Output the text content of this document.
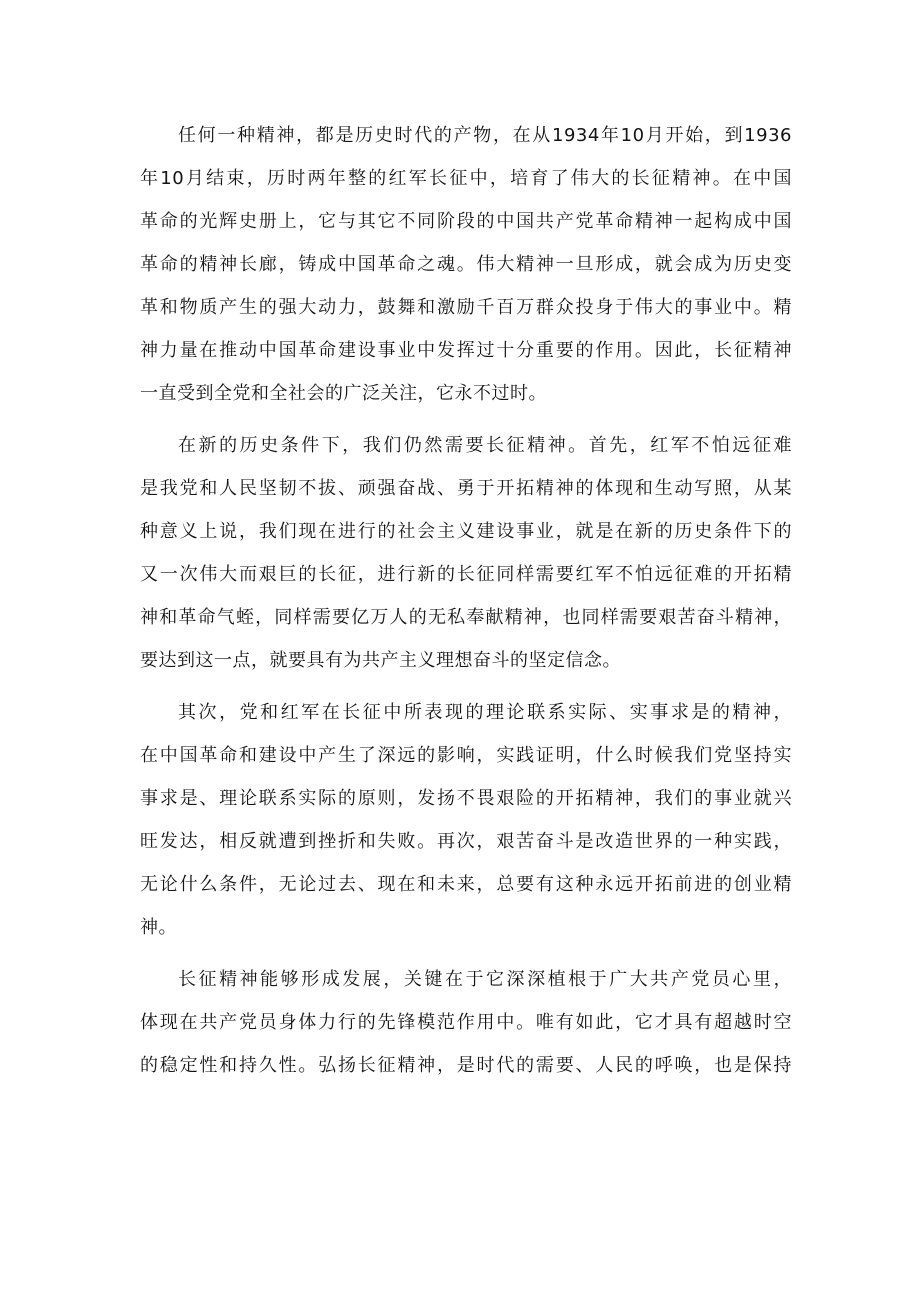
任何一种精神，都是历史时代的产物，在从1934年10月开始，到1936
年10月结束，历时两年整的红军长征中，培育了伟大的长征精神。在中国
革命的光辉史册上，它与其它不同阶段的中国共产党革命精神一起构成中国
革命的精神长廊，铸成中国革命之魂。伟大精神一旦形成，就会成为历史变
革和物质产生的强大动力，鼓舞和激励千百万群众投身于伟大的事业中。精
神力量在推动中国革命建设事业中发挥过十分重要的作用。因此，长征精神
一直受到全党和全社会的广泛关注，它永不过时。
在新的历史条件下，我们仍然需要长征精神。首先，红军不怕远征难
是我党和人民坚韧不拔、顽强奋战、勇于开拓精神的体现和生动写照，从某
种意义上说，我们现在进行的社会主义建设事业，就是在新的历史条件下的
又一次伟大而艰巨的长征，进行新的长征同样需要红军不怕远征难的开拓精
神和革命气蛭，同样需要亿万人的无私奉献精神，也同样需要艰苦奋斗精神，
要达到这一点，就要具有为共产主义理想奋斗的坚定信念。
其次，党和红军在长征中所表现的理论联系实际、实事求是的精神，
在中国革命和建设中产生了深远的影响，实践证明，什么时候我们党坚持实
事求是、理论联系实际的原则，发扬不畏艰险的开拓精神，我们的事业就兴
旺发达，相反就遭到挫折和失败。再次，艰苦奋斗是改造世界的一种实践，
无论什么条件，无论过去、现在和未来，总要有这种永远开拓前进的创业精
神。
长征精神能够形成发展，关键在于它深深植根于广大共产党员心里，
体现在共产党员身体力行的先锋模范作用中。唯有如此，它才具有超越时空
的稳定性和持久性。弘扬长征精神，是时代的需要、人民的呼唤，也是保持
